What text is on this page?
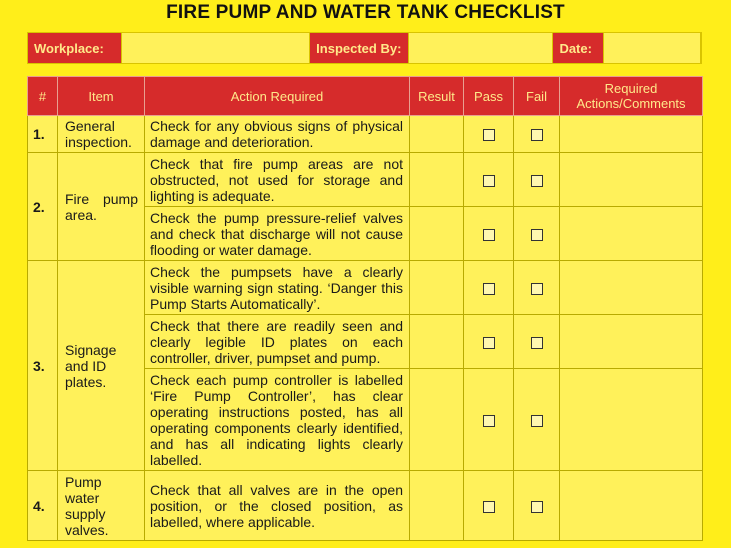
FIRE PUMP AND WATER TANK CHECKLIST
Workplace:	Inspected By:	Date:
#	Item	Action Required	Result	Pass	Fail	Required Actions/Comments
1.	General inspection.	Check for any obvious signs of physical damage and deterioration.				
2.	Fire pump area.	Check that fire pump areas are not obstructed, not used for storage and lighting is adequate.				
		Check the pump pressure-relief valves and check that discharge will not cause flooding or water damage.				
3.	Signage and ID plates.	Check the pumpsets have a clearly visible warning sign stating. ‘Danger this Pump Starts Automatically’.				
		Check that there are readily seen and clearly legible ID plates on each controller, driver, pumpset and pump.				
		Check each pump controller is labelled ‘Fire Pump Controller’, has clear operating instructions posted, has all operating components clearly identified, and has all indicating lights clearly labelled.				
4.	Pump water supply valves.	Check that all valves are in the open position, or the closed position, as labelled, where applicable.				
